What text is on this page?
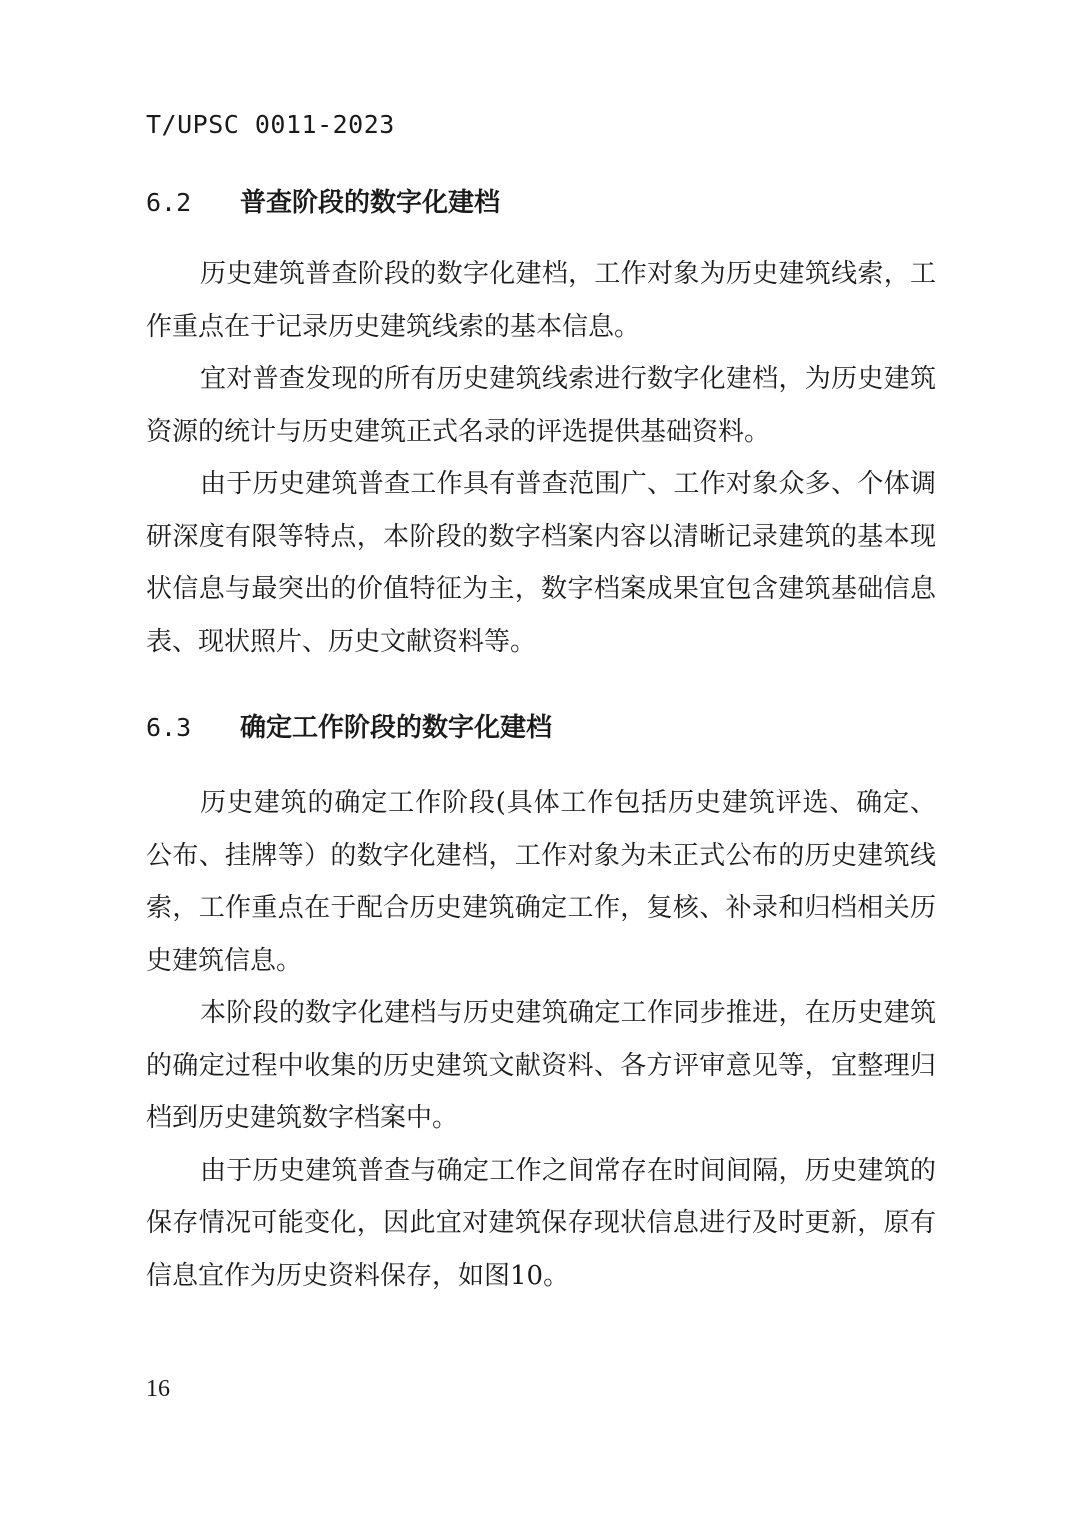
T/UPSC 0011-2023
6.2 普查阶段的数字化建档

历史建筑普查阶段的数字化建档，工作对象为历史建筑线索，工作重点在于记录历史建筑线索的基本信息。

宜对普查发现的所有历史建筑线索进行数字化建档，为历史建筑资源的统计与历史建筑正式名录的评选提供基础资料。

由于历史建筑普查工作具有普查范围广、工作对象众多、个体调研深度有限等特点，本阶段的数字档案内容以清晰记录建筑的基本现状信息与最突出的价值特征为主，数字档案成果宜包含建筑基础信息表、现状照片、历史文献资料等。

6.3 确定工作阶段的数字化建档

历史建筑的确定工作阶段(具体工作包括历史建筑评选、确定、公布、挂牌等）的数字化建档，工作对象为未正式公布的历史建筑线索，工作重点在于配合历史建筑确定工作，复核、补录和归档相关历史建筑信息。

本阶段的数字化建档与历史建筑确定工作同步推进，在历史建筑的确定过程中收集的历史建筑文献资料、各方评审意见等，宜整理归档到历史建筑数字档案中。

由于历史建筑普查与确定工作之间常存在时间间隔，历史建筑的保存情况可能变化，因此宜对建筑保存现状信息进行及时更新，原有信息宜作为历史资料保存，如图10。

16
